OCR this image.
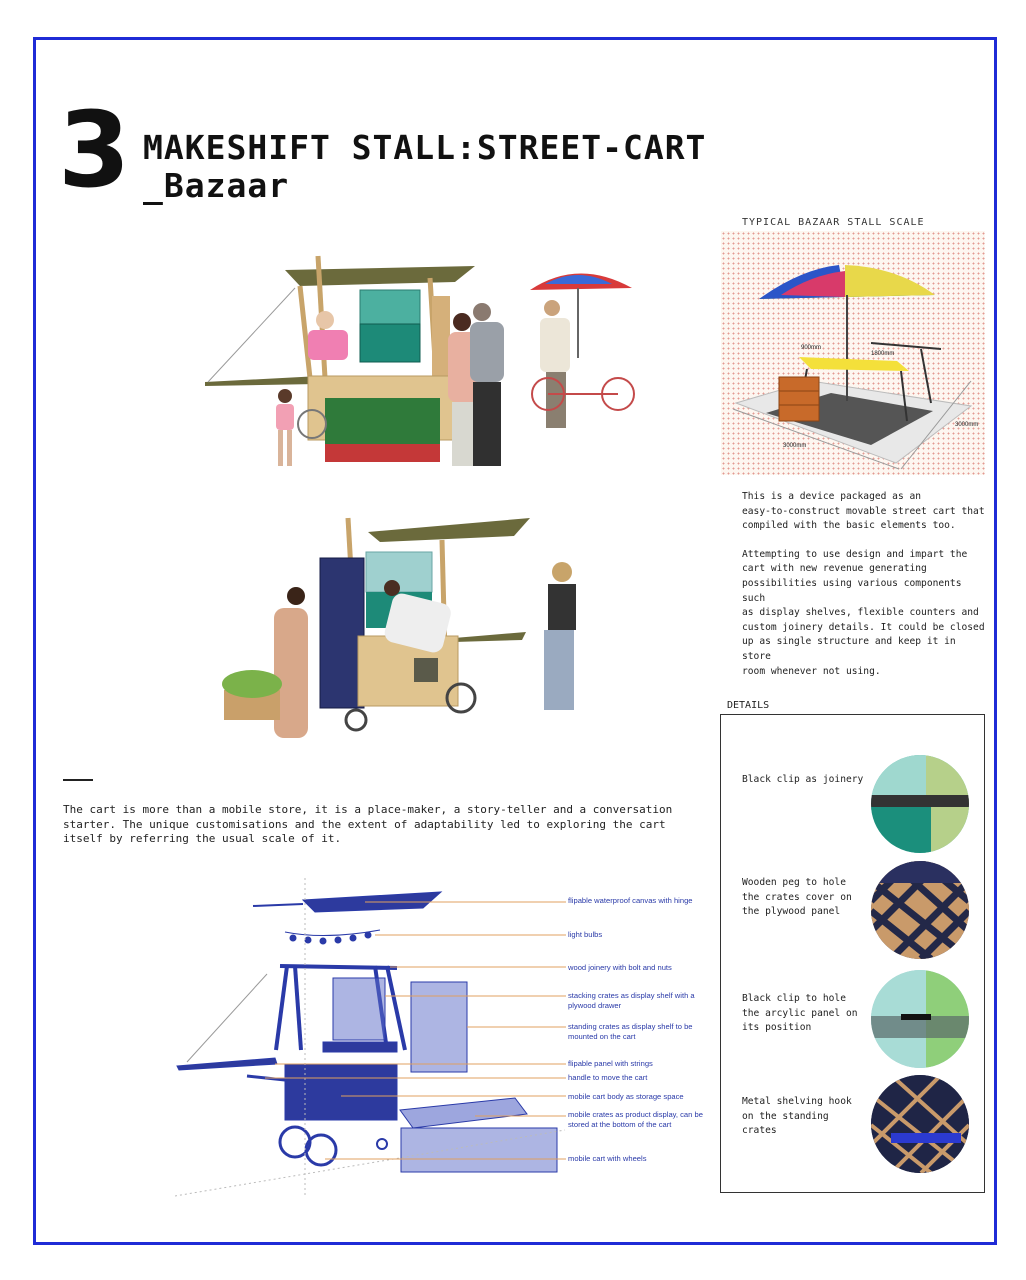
3 MAKESHIFT STALL:STREET-CART
_Bazaar
TYPICAL BAZAAR STALL SCALE
900mm
1800mm
3000mm
3000mm

This is a device packaged as an
easy-to-construct movable street cart that
compiled with the basic elements too.

Attempting to use design and impart the
cart with new revenue generating
possibilities using various components such
as display shelves, flexible counters and
custom joinery details. It could be closed
up as single structure and keep it in store
room whenever not using.

DETAILS
Black clip as joinery
Wooden peg to hole the crates cover on the plywood panel
Black clip to hole the arcylic panel on its position
Metal shelving hook on the standing crates
The cart is more than a mobile store, it is a place-maker, a story-teller and a conversation starter. The unique customisations and the extent of adaptability led to exploring the cart itself by referring the usual scale of it.
flipable waterproof canvas with hinge
light bulbs
wood joinery with bolt and nuts
stacking crates as display shelf with a plywood drawer
standing crates as display shelf to be mounted on the cart
flipable panel with strings
handle to move the cart
mobile cart body as storage space
mobile crates as product display, can be stored at the bottom of the cart
mobile cart with wheels
